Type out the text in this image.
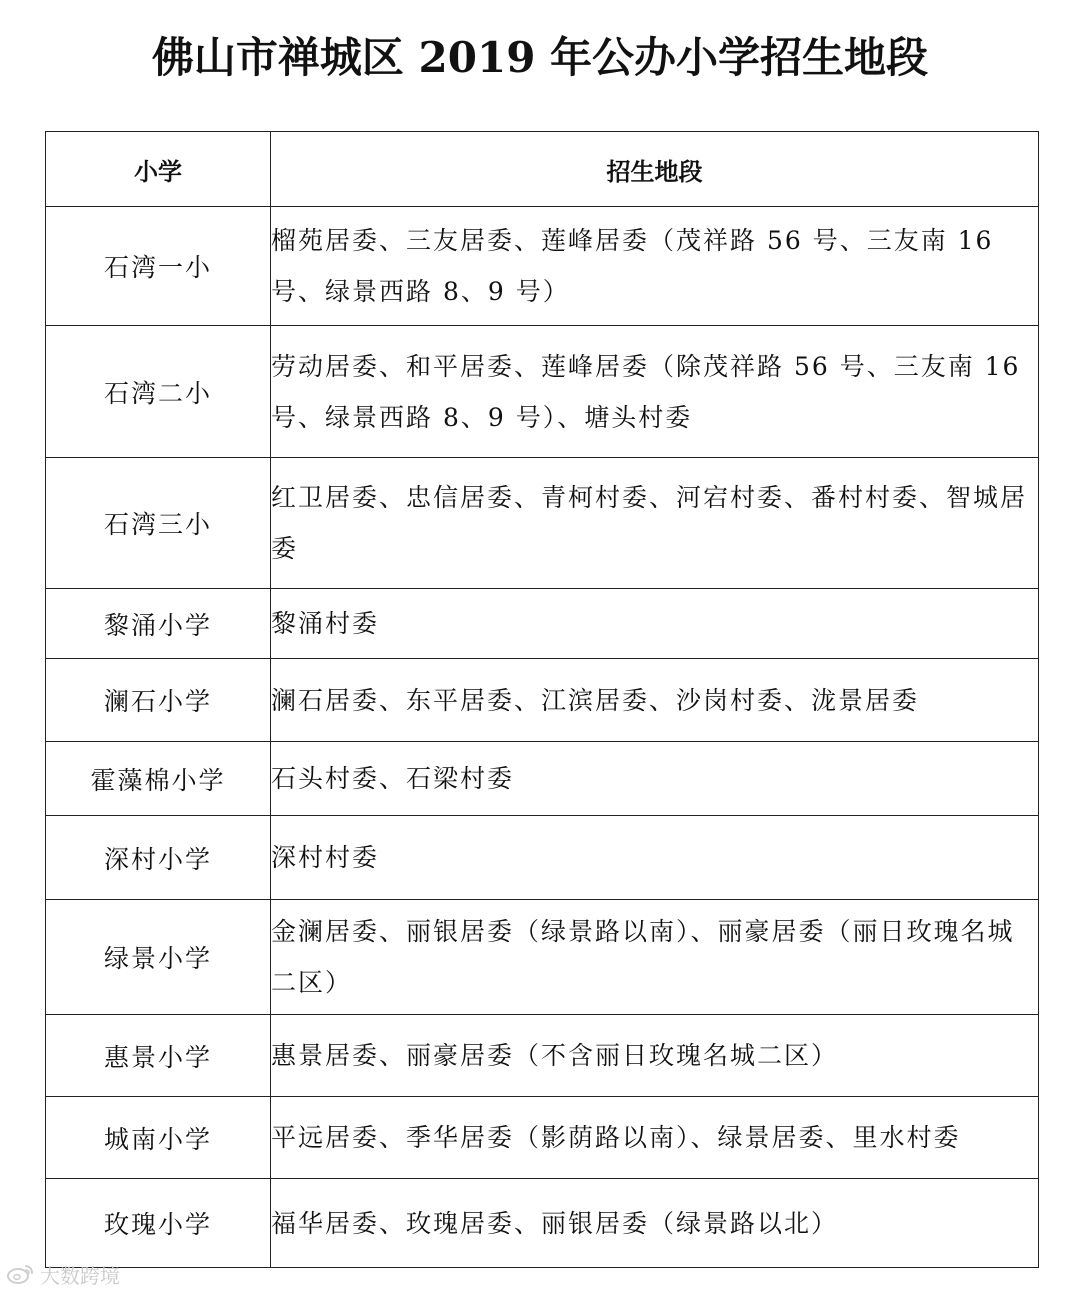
佛山市禅城区 2019 年公办小学招生地段
小学	招生地段
石湾一小	榴苑居委、三友居委、莲峰居委（茂祥路 56 号、三友南 16 号、绿景西路 8、9 号）
石湾二小	劳动居委、和平居委、莲峰居委（除茂祥路 56 号、三友南 16 号、绿景西路 8、9 号）、塘头村委
石湾三小	红卫居委、忠信居委、青柯村委、河宕村委、番村村委、智城居委
黎涌小学	黎涌村委
澜石小学	澜石居委、东平居委、江滨居委、沙岗村委、泷景居委
霍藻棉小学	石头村委、石梁村委
深村小学	深村村委
绿景小学	金澜居委、丽银居委（绿景路以南）、丽豪居委（丽日玫瑰名城二区）
惠景小学	惠景居委、丽豪居委（不含丽日玫瑰名城二区）
城南小学	平远居委、季华居委（影荫路以南）、绿景居委、里水村委
玫瑰小学	福华居委、玫瑰居委、丽银居委（绿景路以北）
大数跨境
